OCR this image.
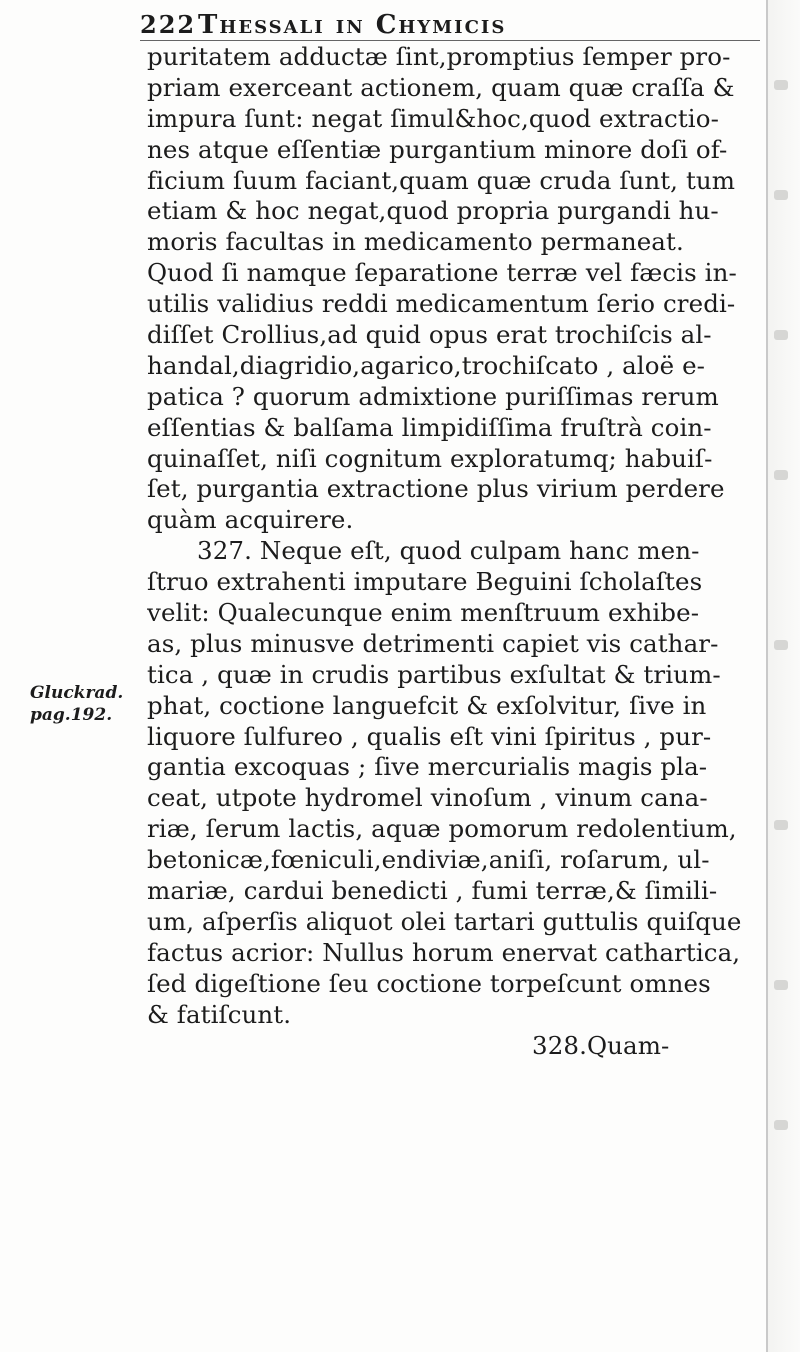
222 Thessali in Chymicis
Gluckrad.
pag.192.
puritatem adductæ ſint,promptius ſemper pro-
priam exerceant actionem, quam quæ craſſa &
impura ſunt: negat ſimul&hoc,quod extractio-
nes atque eſſentiæ purgantium minore doſi of-
ficium ſuum faciant,quam quæ cruda ſunt, tum
etiam & hoc negat,quod propria purgandi hu-
moris facultas in medicamento permaneat.
Quod ſi namque ſeparatione terræ vel fæcis in-
utilis validius reddi medicamentum ſerio credi-
diſſet Crollius,ad quid opus erat trochiſcis al-
handal,diagridio,agarico,trochiſcato , aloë e-
patica ? quorum admixtione puriſſimas rerum
eſſentias & balſama limpidiſſima fruſtrà coin-
quinaſſet, niſi cognitum exploratumq; habuiſ-
ſet, purgantia extractione plus virium perdere
quàm acquirere.
327. Neque eſt, quod culpam hanc men-
ſtruo extrahenti imputare Beguini ſcholaſtes
velit: Qualecunque enim menſtruum exhibe-
as, plus minusve detrimenti capiet vis cathar-
tica , quæ in crudis partibus exſultat & trium-
phat, coctione languefcit & exſolvitur, ſive in
liquore ſulfureo , qualis eſt vini ſpiritus , pur-
gantia excoquas ; ſive mercurialis magis pla-
ceat, utpote hydromel vinoſum , vinum cana-
riæ, ſerum lactis, aquæ pomorum redolentium,
betonicæ,fœniculi,endiviæ,aniſi, roſarum, ul-
mariæ, cardui benedicti , fumi terræ,& ſimili-
um, aſperſis aliquot olei tartari guttulis quiſque
factus acrior: Nullus horum enervat cathartica,
ſed digeſtione ſeu coctione torpeſcunt omnes
& fatiſcunt.
328.Quam-
